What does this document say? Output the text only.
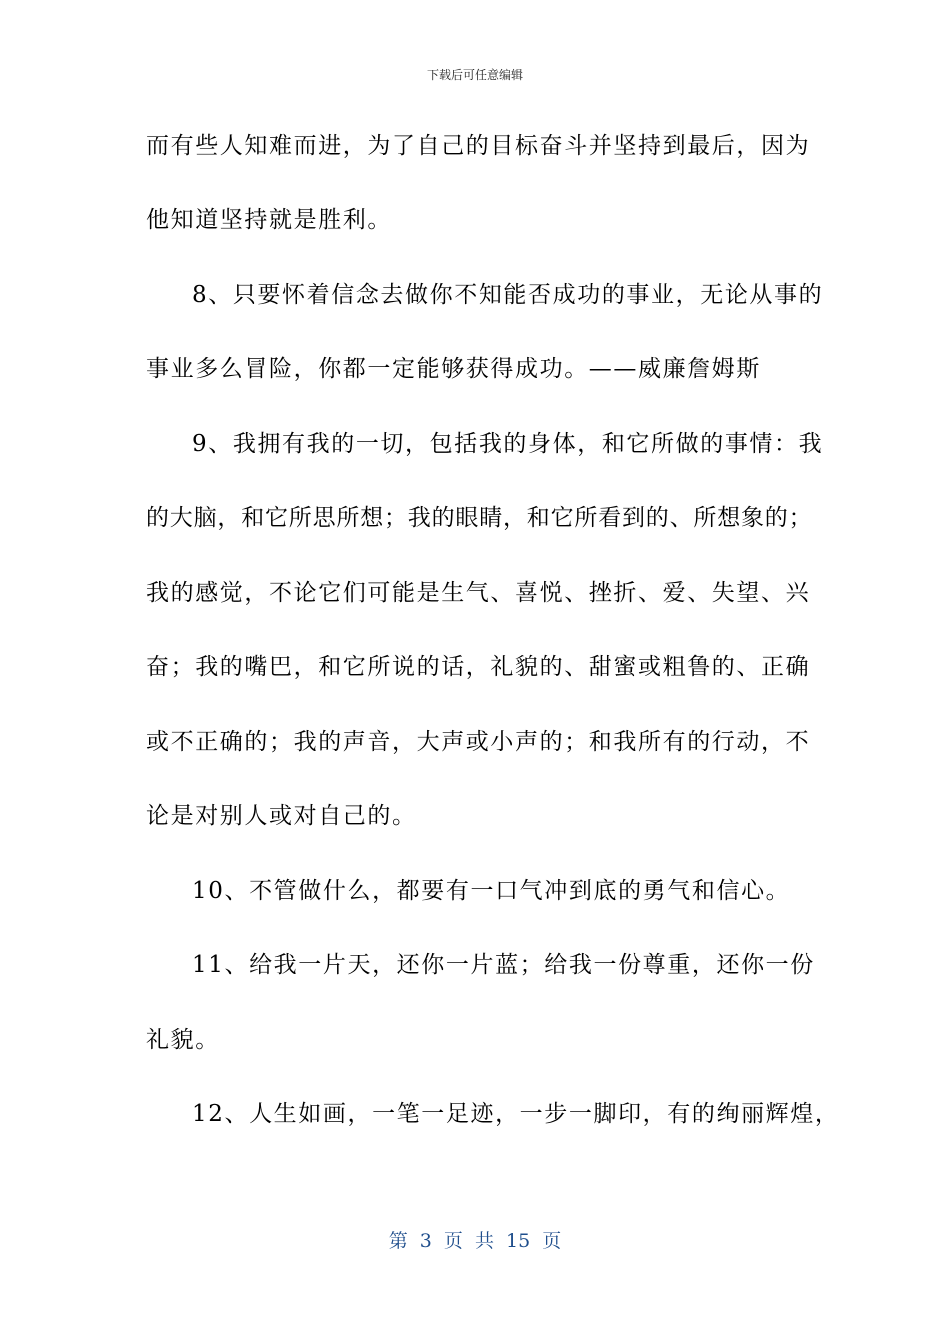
下载后可任意编辑
而有些人知难而进，为了自己的目标奋斗并坚持到最后，因为
他知道坚持就是胜利。
8、只要怀着信念去做你不知能否成功的事业，无论从事的
事业多么冒险，你都一定能够获得成功。——威廉詹姆斯
9、我拥有我的一切，包括我的身体，和它所做的事情：我
的大脑，和它所思所想；我的眼睛，和它所看到的、所想象的；
我的感觉，不论它们可能是生气、喜悦、挫折、爱、失望、兴
奋；我的嘴巴，和它所说的话，礼貌的、甜蜜或粗鲁的、正确
或不正确的；我的声音，大声或小声的；和我所有的行动，不
论是对别人或对自己的。
10、不管做什么，都要有一口气冲到底的勇气和信心。
11、给我一片天，还你一片蓝；给我一份尊重，还你一份
礼貌。
12、人生如画，一笔一足迹，一步一脚印，有的绚丽辉煌，
第 3 页 共 15 页
